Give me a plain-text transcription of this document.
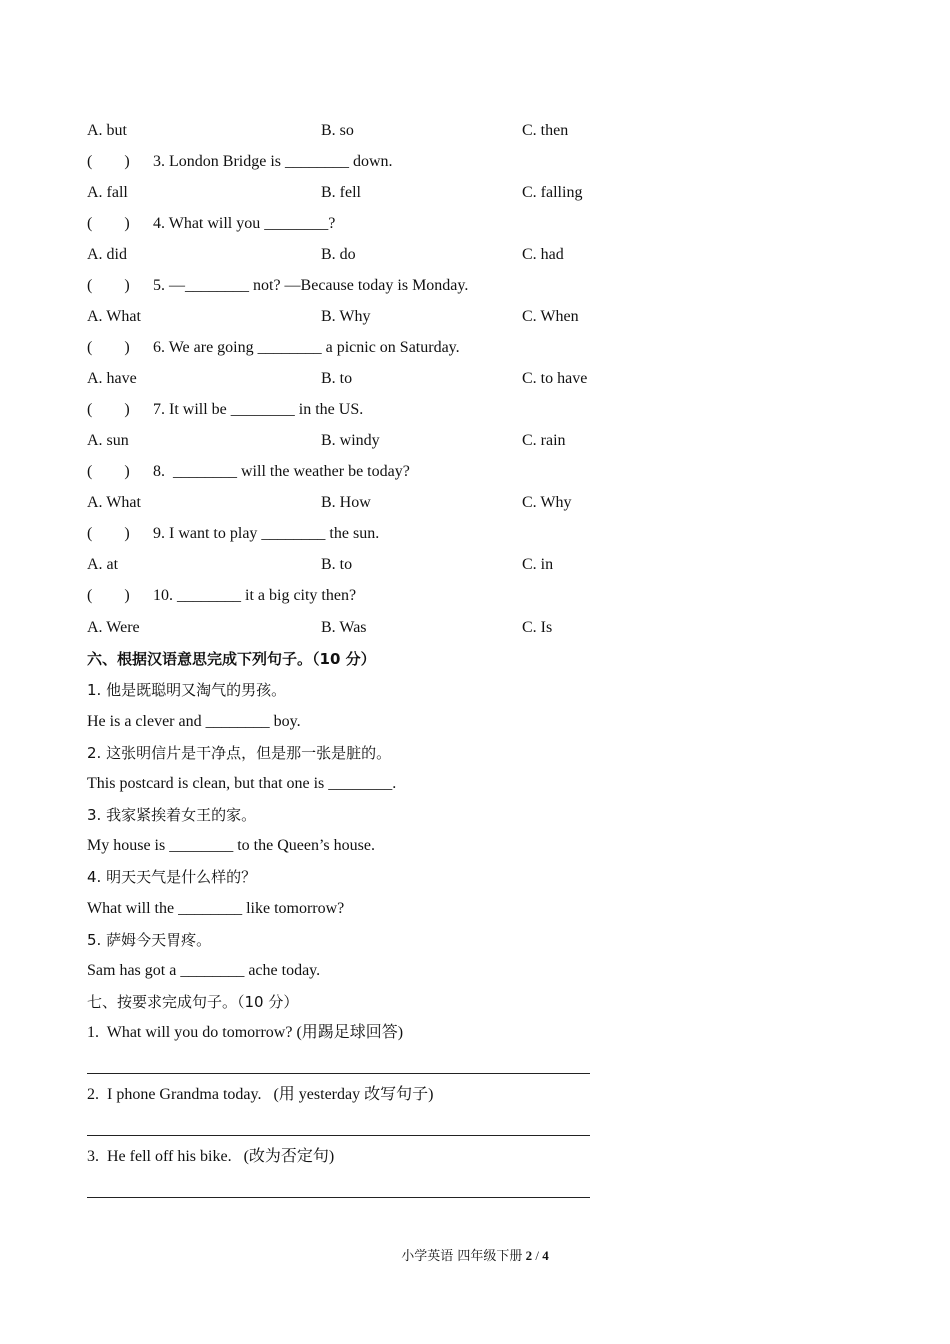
A. but	B. so	C. then
(        ) 3. London Bridge is ________ down.
A. fall	B. fell	C. falling
(        ) 4. What will you ________?
A. did	B. do	C. had
(        ) 5. —________ not? —Because today is Monday.
A. What	B. Why	C. When
(        ) 6. We are going ________ a picnic on Saturday.
A. have	B. to	C. to have
(        ) 7. It will be ________ in the US.
A. sun	B. windy	C. rain
(        ) 8.  ________ will the weather be today?
A. What	B. How	C. Why
(        ) 9. I want to play ________ the sun.
A. at	B. to	C. in
(        ) 10. ________ it a big city then?
A. Were	B. Was	C. Is
六、根据汉语意思完成下列句子。（10 分）
1. 他是既聪明又淘气的男孩。
He is a clever and ________ boy.
2. 这张明信片是干净点，但是那一张是脏的。
This postcard is clean, but that one is ________.
3. 我家紧挨着女王的家。
My house is ________ to the Queen’s house.
4. 明天天气是什么样的？
What will the ________ like tomorrow?
5. 萨姆今天胃疼。
Sam has got a ________ ache today.
七、按要求完成句子。（10 分）
1.  What will you do tomorrow? (用踢足球回答)
2.  I phone Grandma today.   (用 yesterday 改写句子)
3.  He fell off his bike.   (改为否定句)
小学英语 四年级下册 2 / 4
